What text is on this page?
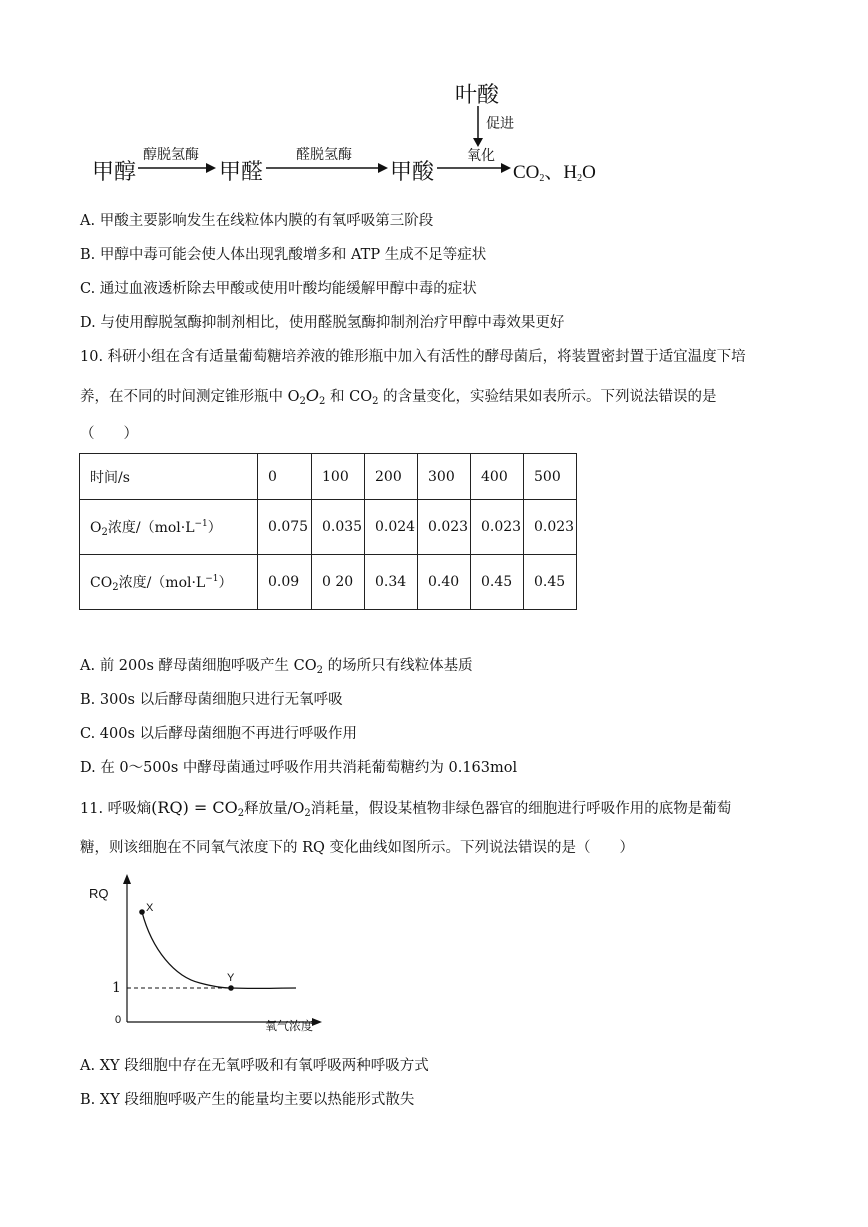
叶酸
促进
甲醇
醇脱氢酶
甲醛
醛脱氢酶
甲酸
氧化
$CO_2$、$H_2O$
A. 甲酸主要影响发生在线粒体内膜的有氧呼吸第三阶段
B. 甲醇中毒可能会使人体出现乳酸增多和 ATP 生成不足等症状
C. 通过血液透析除去甲酸或使用叶酸均能缓解甲醇中毒的症状
D. 与使用醇脱氢酶抑制剂相比，使用醛脱氢酶抑制剂治疗甲醇中毒效果更好
10. 科研小组在含有适量葡萄糖培养液的锥形瓶中加入有活性的酵母菌后，将装置密封置于适宜温度下培
养，在不同的时间测定锥形瓶中 $O_2O_2$ 和 $CO_2$ 的含量变化，实验结果如表所示。下列说法错误的是
（　　）
时间/s	0	100	200	300	400	500
$O_2$浓度$/(mol\cdot L^{-1})$	0.075	0.035	0.024	0.023	0.023	0.023
$CO_2$浓度$/(mol\cdot L^{-1})$	0.09	0 20	0.34	0.40	0.45	0.45
A. 前 200s 酵母菌细胞呼吸产生 $CO_2$ 的场所只有线粒体基质
B. 300s 以后酵母菌细胞只进行无氧呼吸
C. 400s 以后酵母菌细胞不再进行呼吸作用
D. 在 0～500s 中酵母菌通过呼吸作用共消耗葡萄糖约为 0.163mol
11. 呼吸熵$(RQ) = CO_2$释放量$/O_2$消耗量，假设某植物非绿色器官的细胞进行呼吸作用的底物是葡萄
糖，则该细胞在不同氧气浓度下的 RQ 变化曲线如图所示。下列说法错误的是（　　）
RQ
X
Y
1
0	氧气浓度
A. XY 段细胞中存在无氧呼吸和有氧呼吸两种呼吸方式
B. XY 段细胞呼吸产生的能量均主要以热能形式散失
